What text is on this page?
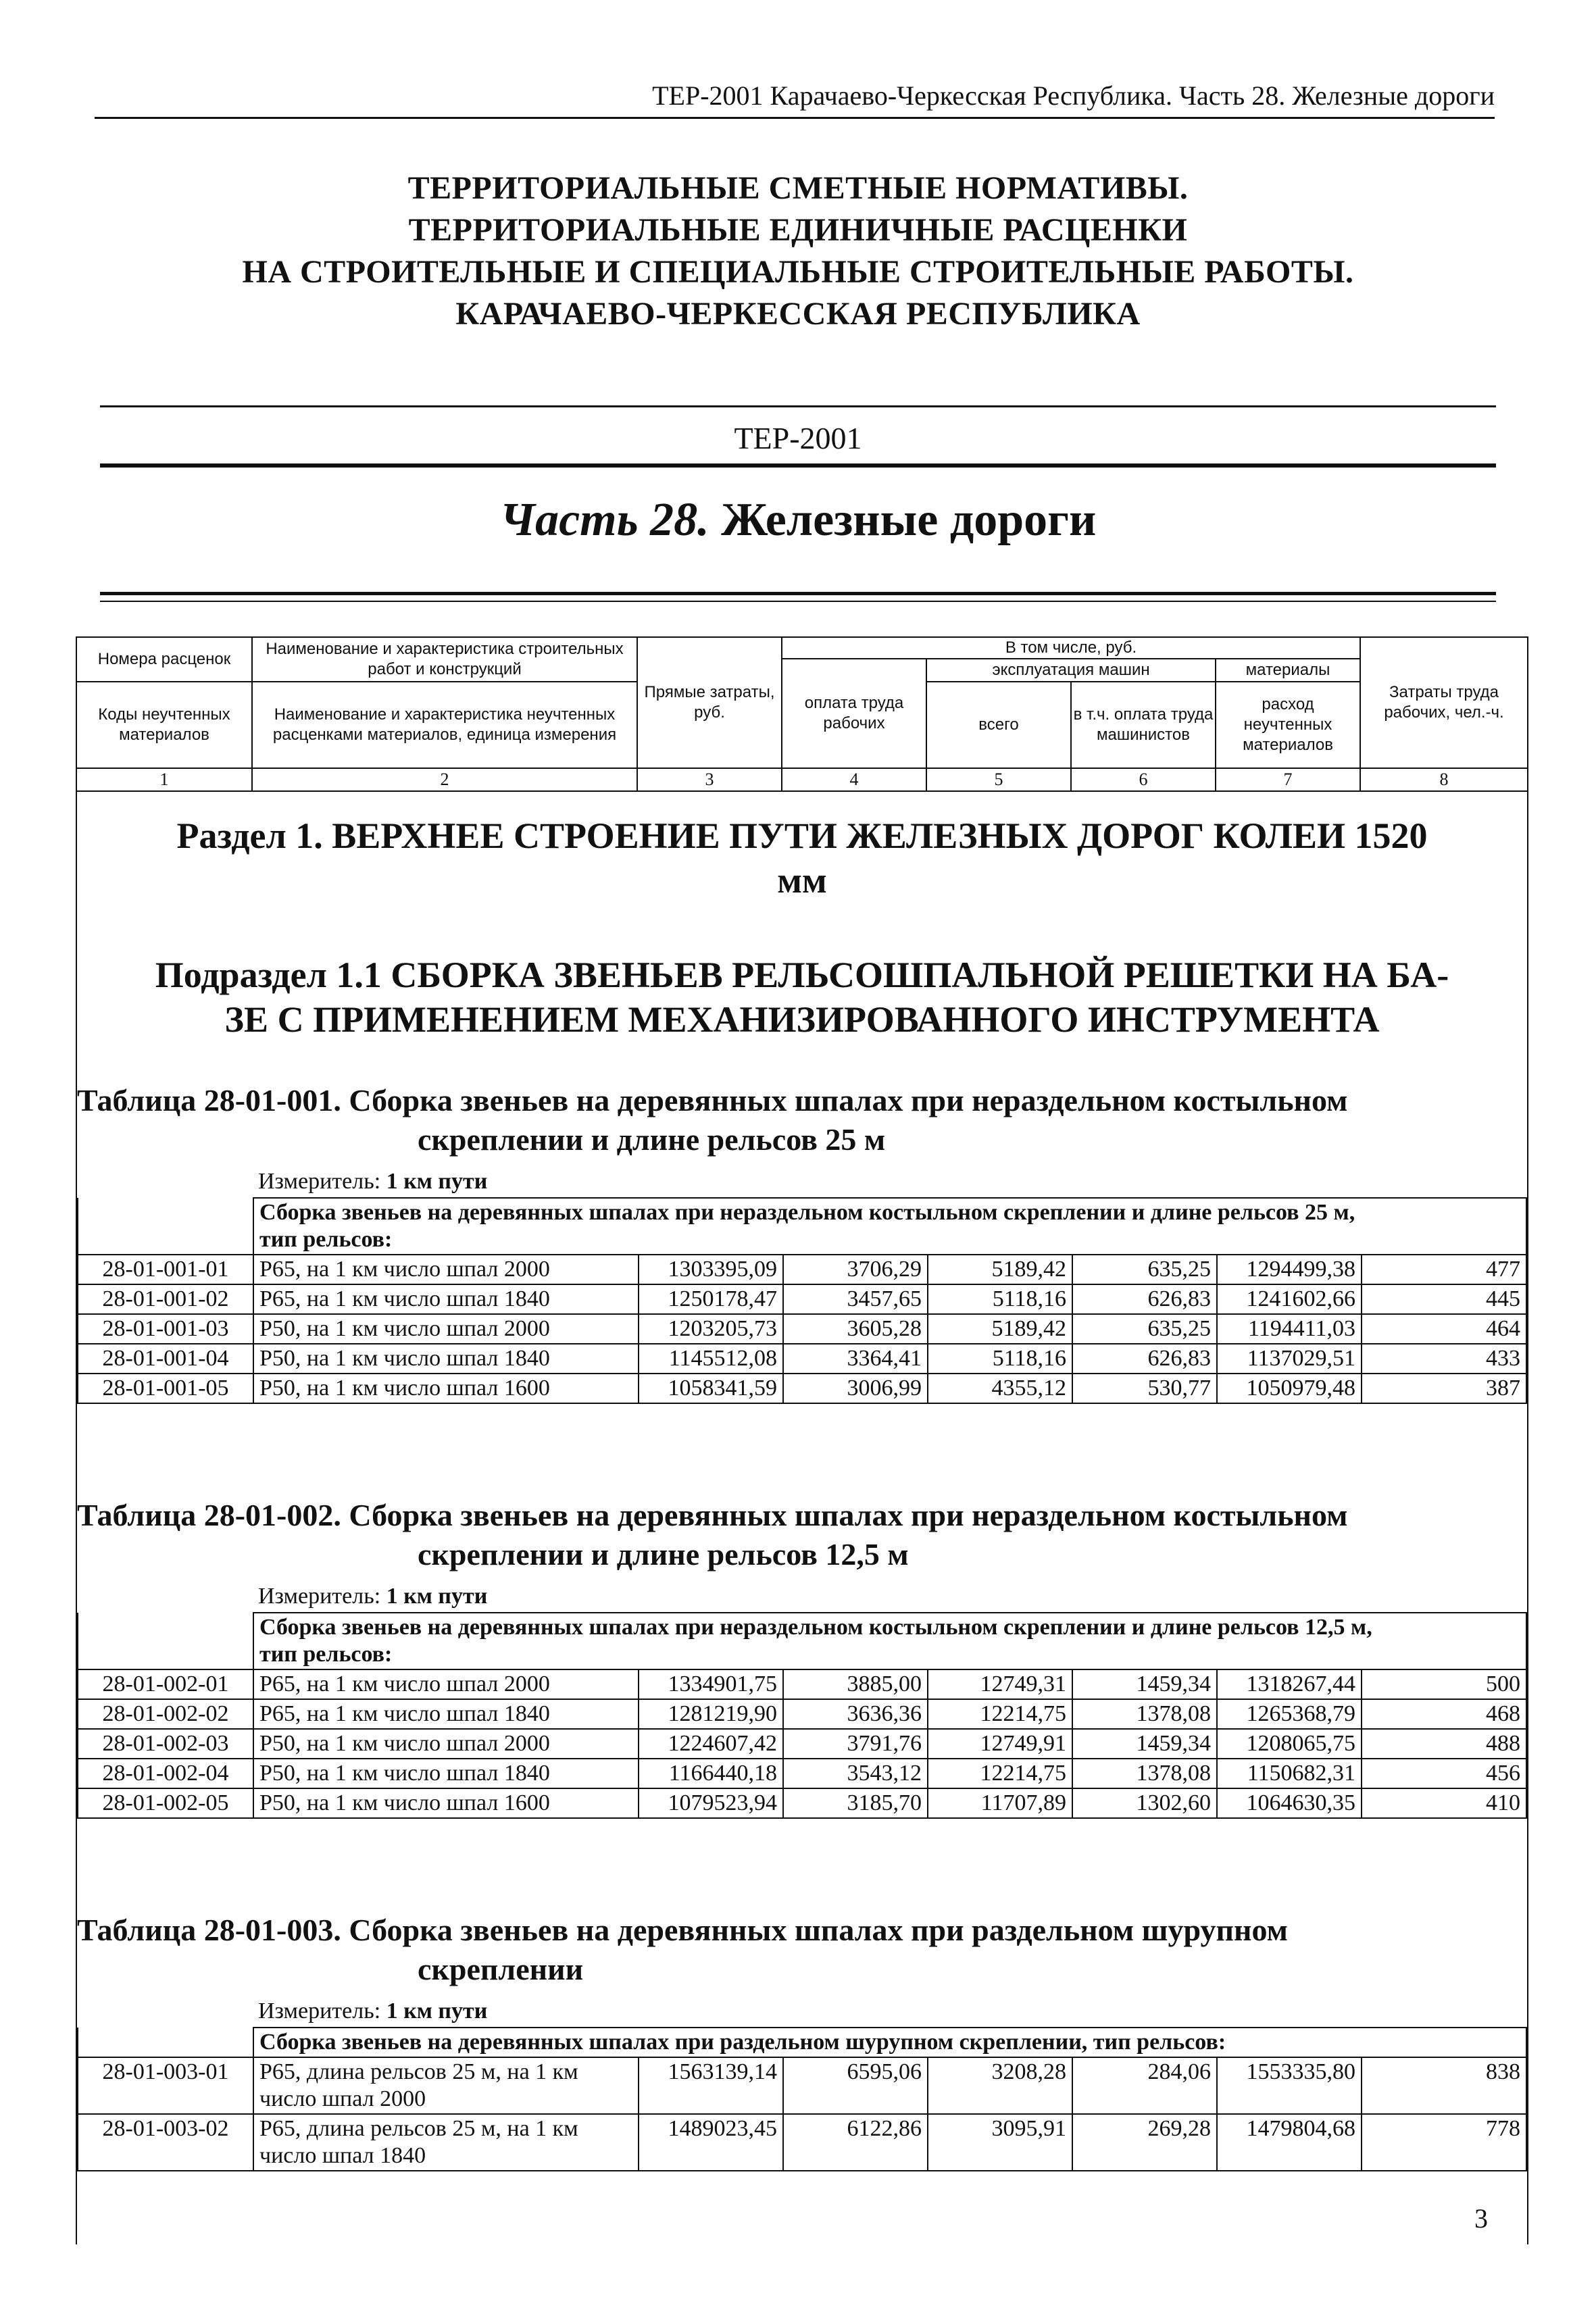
ТЕР-2001 Карачаево-Черкесская Республика. Часть 28. Железные дороги
ТЕРРИТОРИАЛЬНЫЕ СМЕТНЫЕ НОРМАТИВЫ.
ТЕРРИТОРИАЛЬНЫЕ ЕДИНИЧНЫЕ РАСЦЕНКИ
НА СТРОИТЕЛЬНЫЕ И СПЕЦИАЛЬНЫЕ СТРОИТЕЛЬНЫЕ РАБОТЫ.
КАРАЧАЕВО-ЧЕРКЕССКАЯ РЕСПУБЛИКА
ТЕР-2001
Часть 28. Железные дороги
Номера расценок	Наименование и характеристика строительных работ и конструкций	Прямые затраты, руб.	В том числе, руб.	Затраты труда рабочих, чел.-ч.
оплата труда рабочих	эксплуатация машин	материалы
Коды неучтенных материалов	Наименование и характеристика неучтенных расценками материалов, единица измерения	всего	в т.ч. оплата труда машинистов	расход неучтенных материалов

1	2	3	4	5	6	7	8

Раздел 1. ВЕРХНЕЕ СТРОЕНИЕ ПУТИ ЖЕЛЕЗНЫХ ДОРОГ КОЛЕИ 1520
мм
Подраздел 1.1 СБОРКА ЗВЕНЬЕВ РЕЛЬСОШПАЛЬНОЙ РЕШЕТКИ НА БА-
ЗЕ С ПРИМЕНЕНИЕМ МЕХАНИЗИРОВАННОГО ИНСТРУМЕНТА
Таблица 28-01-001. Сборка звеньев на деревянных шпалах при нераздельном костыльном
скреплении и длине рельсов 25 м
Измеритель: 1 км пути

Сборка звеньев на деревянных шпалах при нераздельном костыльном скреплении и длине рельсов 25 м,
тип рельсов:

28-01-001-01	Р65, на 1 км число шпал 2000	1303395,09	3706,29	5189,42	635,25	1294499,38	477
28-01-001-02	Р65, на 1 км число шпал 1840	1250178,47	3457,65	5118,16	626,83	1241602,66	445
28-01-001-03	Р50, на 1 км число шпал 2000	1203205,73	3605,28	5189,42	635,25	1194411,03	464
28-01-001-04	Р50, на 1 км число шпал 1840	1145512,08	3364,41	5118,16	626,83	1137029,51	433
28-01-001-05	Р50, на 1 км число шпал 1600	1058341,59	3006,99	4355,12	530,77	1050979,48	387
Таблица 28-01-002. Сборка звеньев на деревянных шпалах при нераздельном костыльном
скреплении и длине рельсов 12,5 м
Измеритель: 1 км пути

Сборка звеньев на деревянных шпалах при нераздельном костыльном скреплении и длине рельсов 12,5 м,
тип рельсов:

28-01-002-01	Р65, на 1 км число шпал 2000	1334901,75	3885,00	12749,31	1459,34	1318267,44	500
28-01-002-02	Р65, на 1 км число шпал 1840	1281219,90	3636,36	12214,75	1378,08	1265368,79	468
28-01-002-03	Р50, на 1 км число шпал 2000	1224607,42	3791,76	12749,91	1459,34	1208065,75	488
28-01-002-04	Р50, на 1 км число шпал 1840	1166440,18	3543,12	12214,75	1378,08	1150682,31	456
28-01-002-05	Р50, на 1 км число шпал 1600	1079523,94	3185,70	11707,89	1302,60	1064630,35	410
Таблица 28-01-003. Сборка звеньев на деревянных шпалах при раздельном шурупном
скреплении
Измеритель: 1 км пути

Сборка звеньев на деревянных шпалах при раздельном шурупном скреплении, тип рельсов:

28-01-003-01	Р65, длина рельсов 25 м, на 1 км число шпал 2000	1563139,14	6595,06	3208,28	284,06	1553335,80	838
28-01-003-02	Р65, длина рельсов 25 м, на 1 км число шпал 1840	1489023,45	6122,86	3095,91	269,28	1479804,68	778
3
